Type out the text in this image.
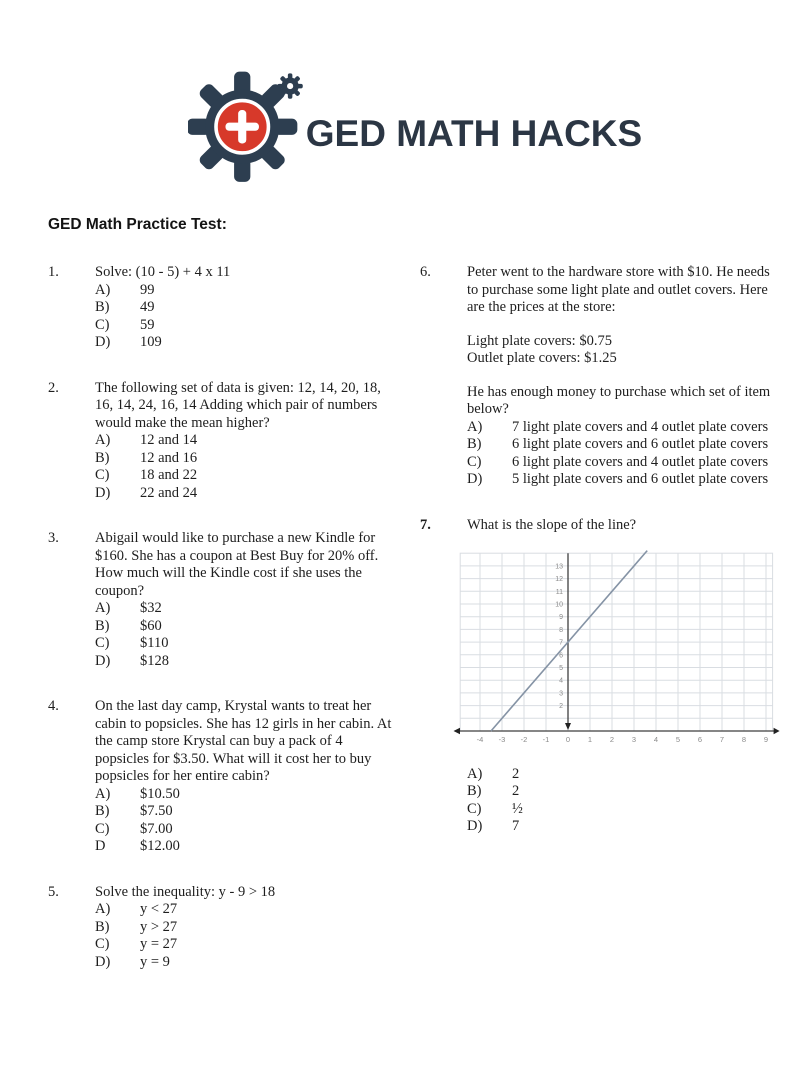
GED MATH HACKS
GED Math Practice Test:
1.	Solve: (10 - 5) + 4 x 11
A)	99
B)	49
C)	59
D)	109
2.	The following set of data is given: 12, 14, 20, 18, 16, 14, 24, 16, 14 Adding which pair of numbers would make the mean higher?
A)	12 and 14
B)	12 and 16
C)	18 and 22
D)	22 and 24
3.	Abigail would like to purchase a new Kindle for $160. She has a coupon at Best Buy for 20% off. How much will the Kindle cost if she uses the coupon?
A)	$32
B)	$60
C)	$110
D)	$128
4.	On the last day camp, Krystal wants to treat her cabin to popsicles. She has 12 girls in her cabin. At the camp store Krystal can buy a pack of 4 popsicles for $3.50. What will it cost her to buy popsicles for her entire cabin?
A)	$10.50
B)	$7.50
C)	$7.00
D	$12.00
5.	Solve the inequality: y - 9 > 18
A)	y < 27
B)	y > 27
C)	y = 27
D)	y = 9
6.	Peter went to the hardware store with $10. He needs to purchase some light plate and outlet covers. Here are the prices at the store:
Light plate covers: $0.75
Outlet plate covers: $1.25
He has enough money to purchase which set of item below?
A)	7 light plate covers and 4 outlet plate covers
B)	6 light plate covers and 6 outlet plate covers
C)	6 light plate covers and 4 outlet plate covers
D)	5 light plate covers and 6 outlet plate covers
7.	What is the slope of the line?
-4 -3 -2 -1 0 1 2 3 4 5 6 7 8 9
2
3
4
5
6
7
8
9
10
11
12
13
A)	2
B)	2
C)	½
D)	7
